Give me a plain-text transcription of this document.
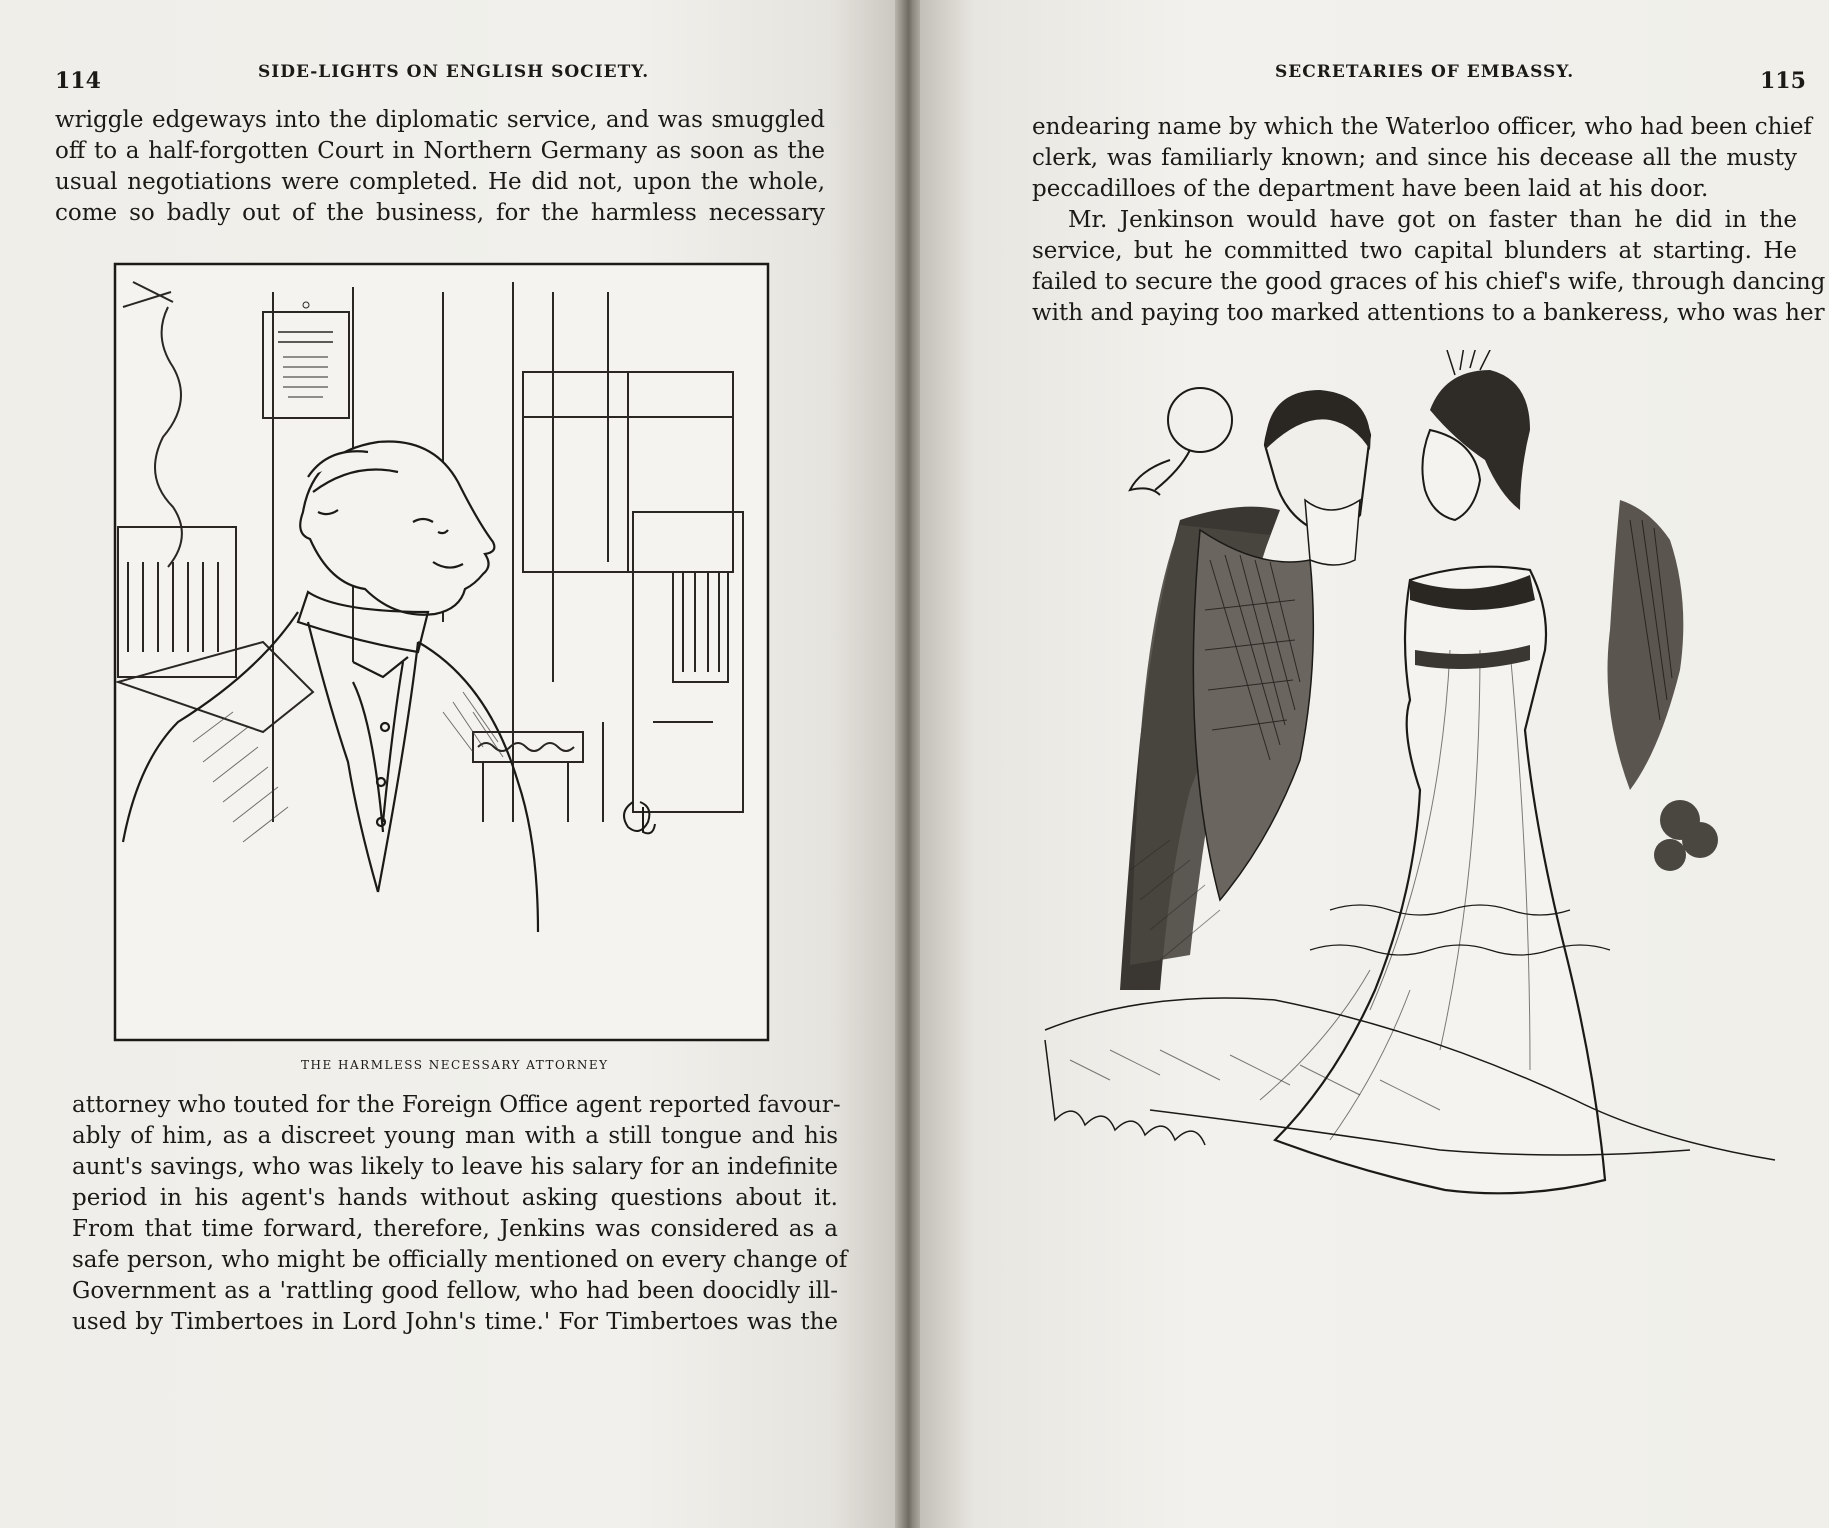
114	SIDE-LIGHTS ON ENGLISH SOCIETY.
wriggle edgeways into the diplomatic service, and was smuggled
off to a half-forgotten Court in Northern Germany as soon as the
usual negotiations were completed. He did not, upon the whole,
come so badly out of the business, for the harmless necessary
THE HARMLESS NECESSARY ATTORNEY
attorney who touted for the Foreign Office agent reported favour-
ably of him, as a discreet young man with a still tongue and his
aunt's savings, who was likely to leave his salary for an indefinite
period in his agent's hands without asking questions about it.
From that time forward, therefore, Jenkins was considered as a
safe person, who might be officially mentioned on every change of
Government as a 'rattling good fellow, who had been doocidly ill-
used by Timbertoes in Lord John's time.' For Timbertoes was the
SECRETARIES OF EMBASSY.	115
endearing name by which the Waterloo officer, who had been chief
clerk, was familiarly known; and since his decease all the musty
peccadilloes of the department have been laid at his door.
Mr. Jenkinson would have got on faster than he did in the
service, but he committed two capital blunders at starting. He
failed to secure the good graces of his chief's wife, through dancing
with and paying too marked attentions to a bankeress, who was her
